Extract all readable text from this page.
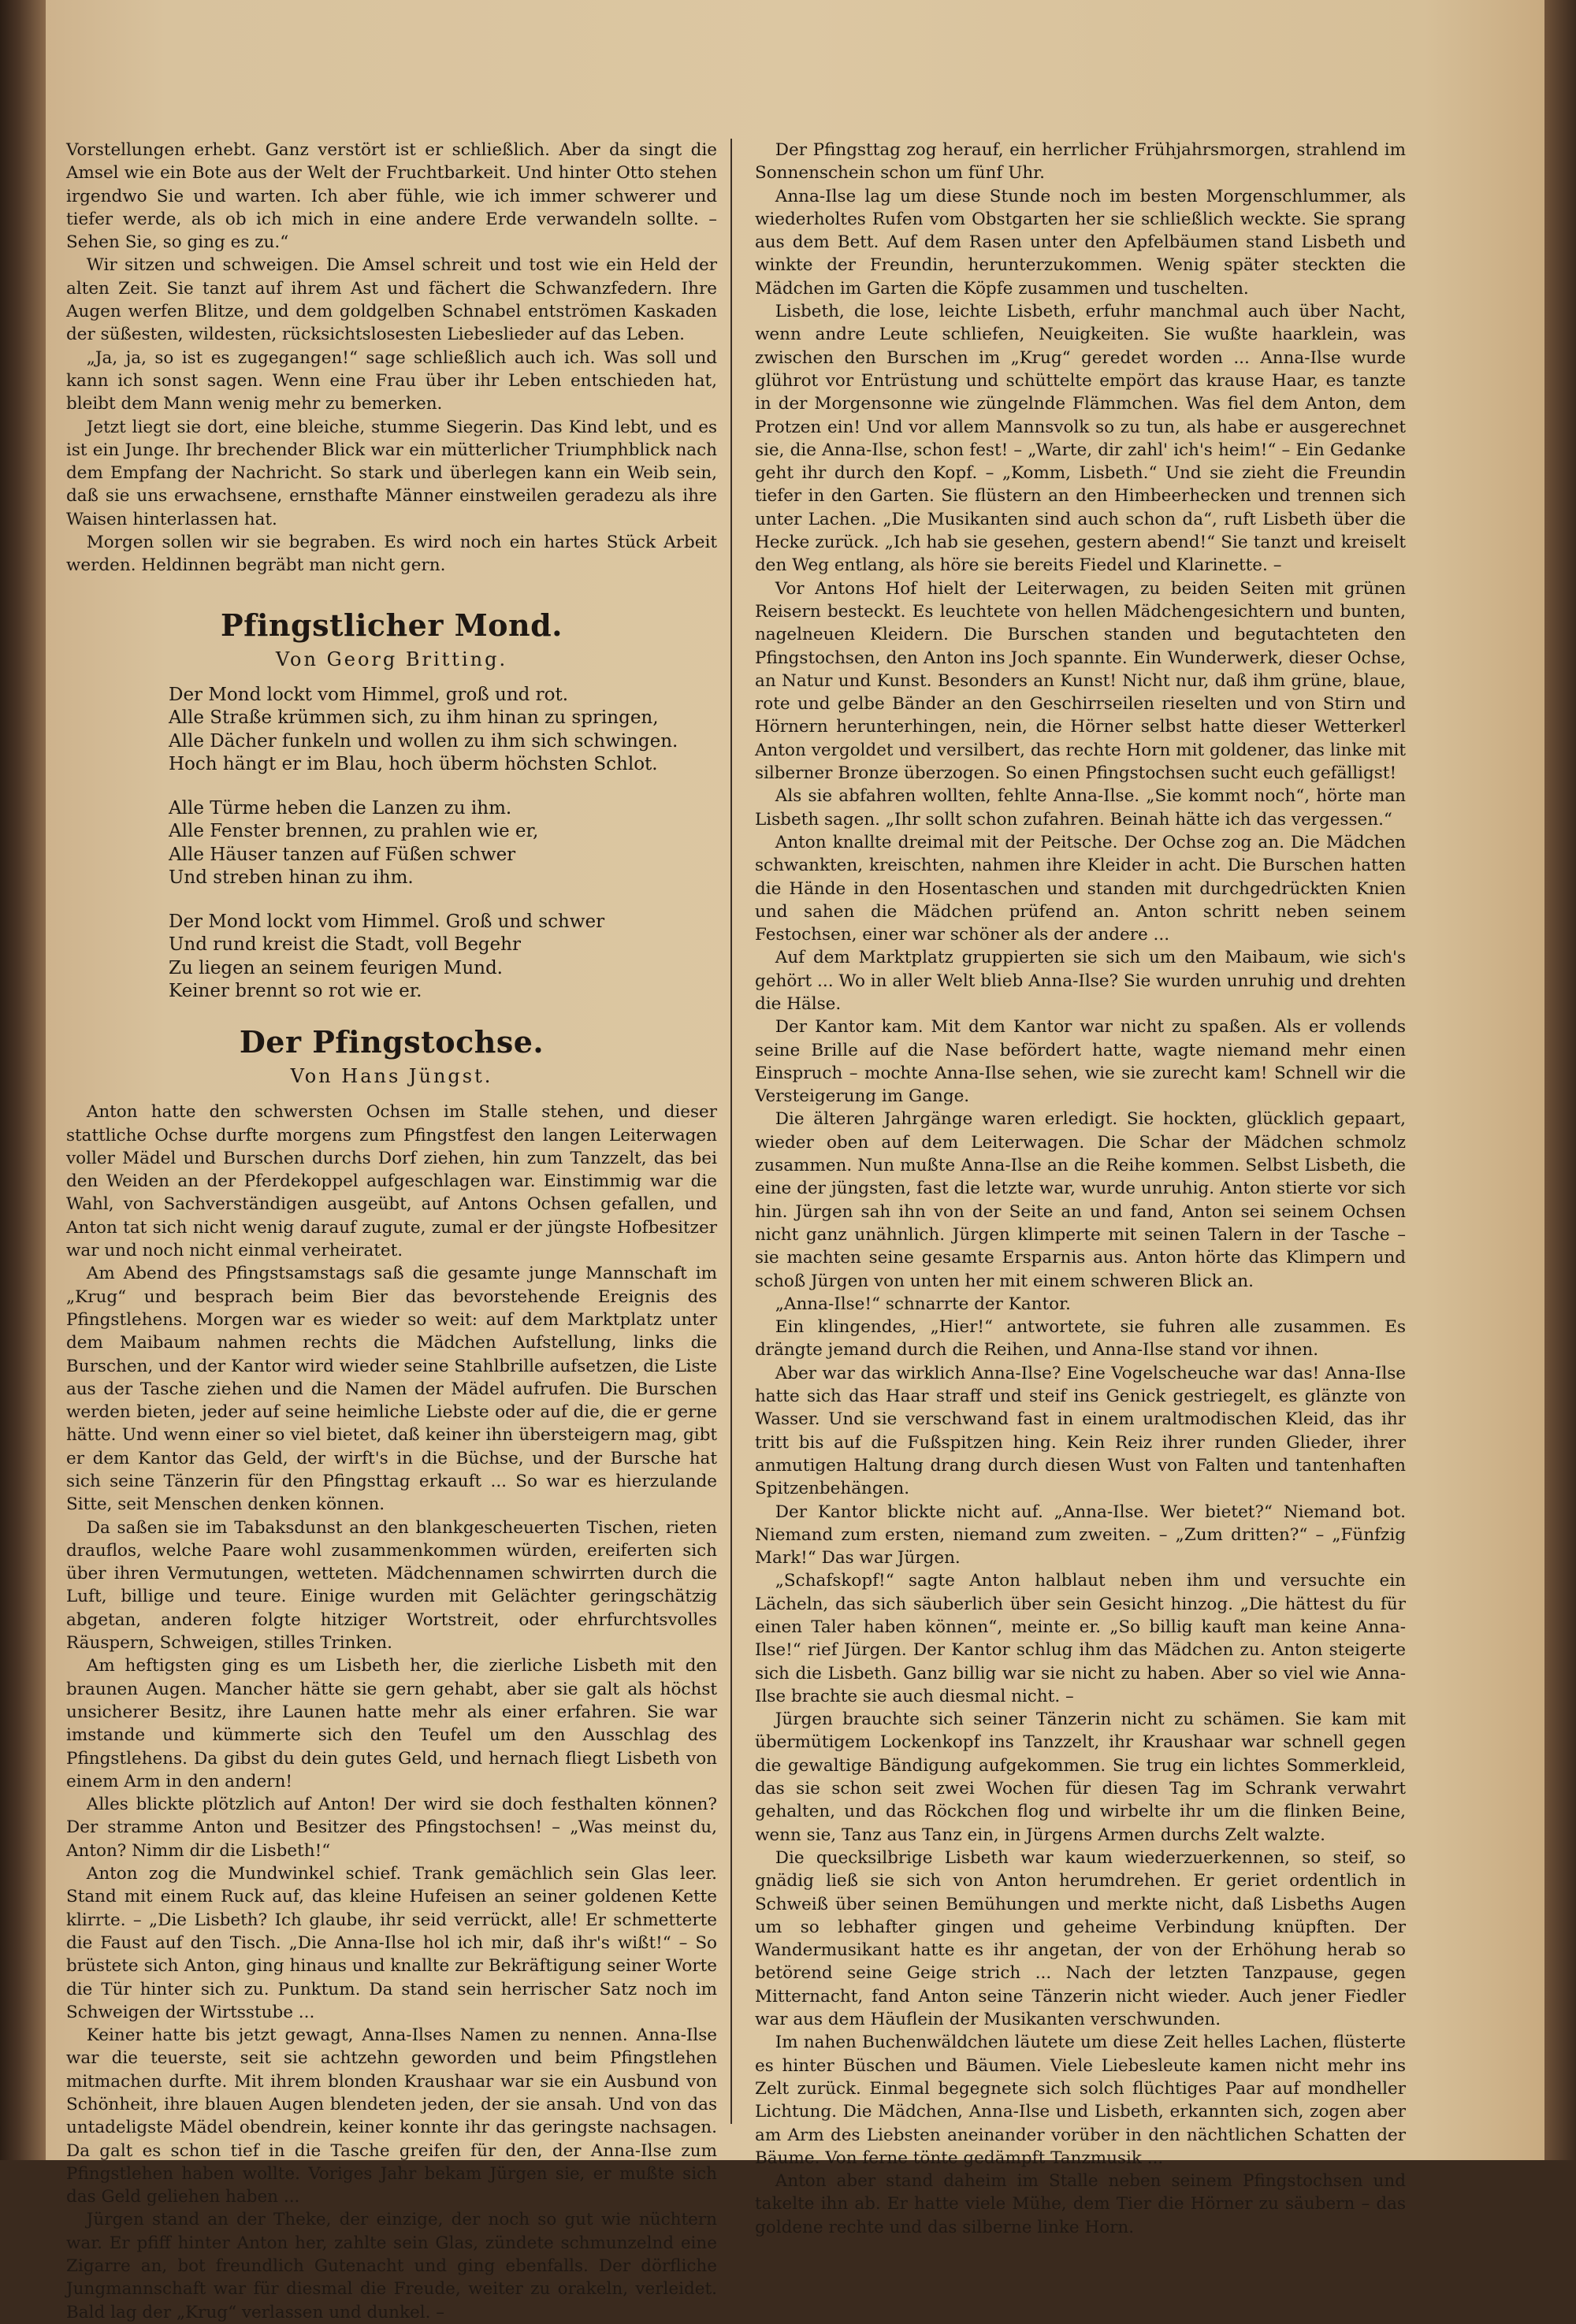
Vorstellungen erhebt. Ganz verstört ist er schließlich. Aber da singt die Amsel wie ein Bote aus der Welt der Fruchtbarkeit. Und hinter Otto stehen irgendwo Sie und warten. Ich aber fühle, wie ich immer schwerer und tiefer werde, als ob ich mich in eine andere Erde verwandeln sollte. – Sehen Sie, so ging es zu.“

Wir sitzen und schweigen. Die Amsel schreit und tost wie ein Held der alten Zeit. Sie tanzt auf ihrem Ast und fächert die Schwanzfedern. Ihre Augen werfen Blitze, und dem goldgelben Schnabel entströmen Kaskaden der süßesten, wildesten, rücksichtslosesten Liebeslieder auf das Leben.

„Ja, ja, so ist es zugegangen!“ sage schließlich auch ich. Was soll und kann ich sonst sagen. Wenn eine Frau über ihr Leben entschieden hat, bleibt dem Mann wenig mehr zu bemerken.

Jetzt liegt sie dort, eine bleiche, stumme Siegerin. Das Kind lebt, und es ist ein Junge. Ihr brechender Blick war ein mütterlicher Triumphblick nach dem Empfang der Nachricht. So stark und überlegen kann ein Weib sein, daß sie uns erwachsene, ernsthafte Männer einstweilen geradezu als ihre Waisen hinterlassen hat.

Morgen sollen wir sie begraben. Es wird noch ein hartes Stück Arbeit werden. Heldinnen begräbt man nicht gern.

Pfingstlicher Mond.
Von Georg Britting.
Der Mond lockt vom Himmel, groß und rot.
Alle Straße krümmen sich, zu ihm hinan zu springen,
Alle Dächer funkeln und wollen zu ihm sich schwingen.
Hoch hängt er im Blau, hoch überm höchsten Schlot.
Alle Türme heben die Lanzen zu ihm.
Alle Fenster brennen, zu prahlen wie er,
Alle Häuser tanzen auf Füßen schwer
Und streben hinan zu ihm.
Der Mond lockt vom Himmel. Groß und schwer
Und rund kreist die Stadt, voll Begehr
Zu liegen an seinem feurigen Mund.
Keiner brennt so rot wie er.
Der Pfingstochse.
Von Hans Jüngst.

Anton hatte den schwersten Ochsen im Stalle stehen, und dieser stattliche Ochse durfte morgens zum Pfingstfest den langen Leiterwagen voller Mädel und Burschen durchs Dorf ziehen, hin zum Tanzzelt, das bei den Weiden an der Pferdekoppel aufgeschlagen war. Einstimmig war die Wahl, von Sachverständigen ausgeübt, auf Antons Ochsen gefallen, und Anton tat sich nicht wenig darauf zugute, zumal er der jüngste Hofbesitzer war und noch nicht einmal verheiratet.

Am Abend des Pfingstsamstags saß die gesamte junge Mannschaft im „Krug“ und besprach beim Bier das bevorstehende Ereignis des Pfingstlehens. Morgen war es wieder so weit: auf dem Marktplatz unter dem Maibaum nahmen rechts die Mädchen Aufstellung, links die Burschen, und der Kantor wird wieder seine Stahlbrille aufsetzen, die Liste aus der Tasche ziehen und die Namen der Mädel aufrufen. Die Burschen werden bieten, jeder auf seine heimliche Liebste oder auf die, die er gerne hätte. Und wenn einer so viel bietet, daß keiner ihn übersteigern mag, gibt er dem Kantor das Geld, der wirft's in die Büchse, und der Bursche hat sich seine Tänzerin für den Pfingsttag erkauft ... So war es hierzulande Sitte, seit Menschen denken können.

Da saßen sie im Tabaksdunst an den blankgescheuerten Tischen, rieten drauflos, welche Paare wohl zusammenkommen würden, ereiferten sich über ihren Vermutungen, wetteten. Mädchennamen schwirrten durch die Luft, billige und teure. Einige wurden mit Gelächter geringschätzig abgetan, anderen folgte hitziger Wortstreit, oder ehrfurchtsvolles Räuspern, Schweigen, stilles Trinken.

Am heftigsten ging es um Lisbeth her, die zierliche Lisbeth mit den braunen Augen. Mancher hätte sie gern gehabt, aber sie galt als höchst unsicherer Besitz, ihre Launen hatte mehr als einer erfahren. Sie war imstande und kümmerte sich den Teufel um den Ausschlag des Pfingstlehens. Da gibst du dein gutes Geld, und hernach fliegt Lisbeth von einem Arm in den andern!

Alles blickte plötzlich auf Anton! Der wird sie doch festhalten können? Der stramme Anton und Besitzer des Pfingstochsen! – „Was meinst du, Anton? Nimm dir die Lisbeth!“

Anton zog die Mundwinkel schief. Trank gemächlich sein Glas leer. Stand mit einem Ruck auf, das kleine Hufeisen an seiner goldenen Kette klirrte. – „Die Lisbeth? Ich glaube, ihr seid verrückt, alle! Er schmetterte die Faust auf den Tisch. „Die Anna-Ilse hol ich mir, daß ihr's wißt!“ – So brüstete sich Anton, ging hinaus und knallte zur Bekräftigung seiner Worte die Tür hinter sich zu. Punktum. Da stand sein herrischer Satz noch im Schweigen der Wirtsstube ...

Keiner hatte bis jetzt gewagt, Anna-Ilses Namen zu nennen. Anna-Ilse war die teuerste, seit sie achtzehn geworden und beim Pfingstlehen mitmachen durfte. Mit ihrem blonden Kraushaar war sie ein Ausbund von Schönheit, ihre blauen Augen blendeten jeden, der sie ansah. Und von das untadeligste Mädel obendrein, keiner konnte ihr das geringste nachsagen. Da galt es schon tief in die Tasche greifen für den, der Anna-Ilse zum Pfingstlehen haben wollte. Voriges Jahr bekam Jürgen sie, er mußte sich das Geld geliehen haben ...

Jürgen stand an der Theke, der einzige, der noch so gut wie nüchtern war. Er pfiff hinter Anton her, zahlte sein Glas, zündete schmunzelnd eine Zigarre an, bot freundlich Gutenacht und ging ebenfalls. Der dörfliche Jungmannschaft war für diesmal die Freude, weiter zu orakeln, verleidet. Bald lag der „Krug“ verlassen und dunkel. –

Der Pfingsttag zog herauf, ein herrlicher Frühjahrsmorgen, strahlend im Sonnenschein schon um fünf Uhr.

Anna-Ilse lag um diese Stunde noch im besten Morgenschlummer, als wiederholtes Rufen vom Obstgarten her sie schließlich weckte. Sie sprang aus dem Bett. Auf dem Rasen unter den Apfelbäumen stand Lisbeth und winkte der Freundin, herunterzukommen. Wenig später steckten die Mädchen im Garten die Köpfe zusammen und tuschelten.

Lisbeth, die lose, leichte Lisbeth, erfuhr manchmal auch über Nacht, wenn andre Leute schliefen, Neuigkeiten. Sie wußte haarklein, was zwischen den Burschen im „Krug“ geredet worden ... Anna-Ilse wurde glührot vor Entrüstung und schüttelte empört das krause Haar, es tanzte in der Morgensonne wie züngelnde Flämmchen. Was fiel dem Anton, dem Protzen ein! Und vor allem Mannsvolk so zu tun, als habe er ausgerechnet sie, die Anna-Ilse, schon fest! – „Warte, dir zahl' ich's heim!“ – Ein Gedanke geht ihr durch den Kopf. – „Komm, Lisbeth.“ Und sie zieht die Freundin tiefer in den Garten. Sie flüstern an den Himbeerhecken und trennen sich unter Lachen. „Die Musikanten sind auch schon da“, ruft Lisbeth über die Hecke zurück. „Ich hab sie gesehen, gestern abend!“ Sie tanzt und kreiselt den Weg entlang, als höre sie bereits Fiedel und Klarinette. –

Vor Antons Hof hielt der Leiterwagen, zu beiden Seiten mit grünen Reisern besteckt. Es leuchtete von hellen Mädchengesichtern und bunten, nagelneuen Kleidern. Die Burschen standen und begutachteten den Pfingstochsen, den Anton ins Joch spannte. Ein Wunderwerk, dieser Ochse, an Natur und Kunst. Besonders an Kunst! Nicht nur, daß ihm grüne, blaue, rote und gelbe Bänder an den Geschirrseilen rieselten und von Stirn und Hörnern herunterhingen, nein, die Hörner selbst hatte dieser Wetterkerl Anton vergoldet und versilbert, das rechte Horn mit goldener, das linke mit silberner Bronze überzogen. So einen Pfingstochsen sucht euch gefälligst!

Als sie abfahren wollten, fehlte Anna-Ilse. „Sie kommt noch“, hörte man Lisbeth sagen. „Ihr sollt schon zufahren. Beinah hätte ich das vergessen.“

Anton knallte dreimal mit der Peitsche. Der Ochse zog an. Die Mädchen schwankten, kreischten, nahmen ihre Kleider in acht. Die Burschen hatten die Hände in den Hosentaschen und standen mit durchgedrückten Knien und sahen die Mädchen prüfend an. Anton schritt neben seinem Festochsen, einer war schöner als der andere ...

Auf dem Marktplatz gruppierten sie sich um den Maibaum, wie sich's gehört ... Wo in aller Welt blieb Anna-Ilse? Sie wurden unruhig und drehten die Hälse.

Der Kantor kam. Mit dem Kantor war nicht zu spaßen. Als er vollends seine Brille auf die Nase befördert hatte, wagte niemand mehr einen Einspruch – mochte Anna-Ilse sehen, wie sie zurecht kam! Schnell wir die Versteigerung im Gange.

Die älteren Jahrgänge waren erledigt. Sie hockten, glücklich gepaart, wieder oben auf dem Leiterwagen. Die Schar der Mädchen schmolz zusammen. Nun mußte Anna-Ilse an die Reihe kommen. Selbst Lisbeth, die eine der jüngsten, fast die letzte war, wurde unruhig. Anton stierte vor sich hin. Jürgen sah ihn von der Seite an und fand, Anton sei seinem Ochsen nicht ganz unähnlich. Jürgen klimperte mit seinen Talern in der Tasche – sie machten seine gesamte Ersparnis aus. Anton hörte das Klimpern und schoß Jürgen von unten her mit einem schweren Blick an.

„Anna-Ilse!“ schnarrte der Kantor.

Ein klingendes, „Hier!“ antwortete, sie fuhren alle zusammen. Es drängte jemand durch die Reihen, und Anna-Ilse stand vor ihnen.

Aber war das wirklich Anna-Ilse? Eine Vogelscheuche war das! Anna-Ilse hatte sich das Haar straff und steif ins Genick gestriegelt, es glänzte von Wasser. Und sie verschwand fast in einem uraltmodischen Kleid, das ihr tritt bis auf die Fußspitzen hing. Kein Reiz ihrer runden Glieder, ihrer anmutigen Haltung drang durch diesen Wust von Falten und tantenhaften Spitzenbehängen.

Der Kantor blickte nicht auf. „Anna-Ilse. Wer bietet?“ Niemand bot. Niemand zum ersten, niemand zum zweiten. – „Zum dritten?“ – „Fünfzig Mark!“ Das war Jürgen.

„Schafskopf!“ sagte Anton halblaut neben ihm und versuchte ein Lächeln, das sich säuberlich über sein Gesicht hinzog. „Die hättest du für einen Taler haben können“, meinte er. „So billig kauft man keine Anna-Ilse!“ rief Jürgen. Der Kantor schlug ihm das Mädchen zu. Anton steigerte sich die Lisbeth. Ganz billig war sie nicht zu haben. Aber so viel wie Anna-Ilse brachte sie auch diesmal nicht. –

Jürgen brauchte sich seiner Tänzerin nicht zu schämen. Sie kam mit übermütigem Lockenkopf ins Tanzzelt, ihr Kraushaar war schnell gegen die gewaltige Bändigung aufgekommen. Sie trug ein lichtes Sommerkleid, das sie schon seit zwei Wochen für diesen Tag im Schrank verwahrt gehalten, und das Röckchen flog und wirbelte ihr um die flinken Beine, wenn sie, Tanz aus Tanz ein, in Jürgens Armen durchs Zelt walzte.

Die quecksilbrige Lisbeth war kaum wiederzuerkennen, so steif, so gnädig ließ sie sich von Anton herumdrehen. Er geriet ordentlich in Schweiß über seinen Bemühungen und merkte nicht, daß Lisbeths Augen um so lebhafter gingen und geheime Verbindung knüpften. Der Wandermusikant hatte es ihr angetan, der von der Erhöhung herab so betörend seine Geige strich ... Nach der letzten Tanzpause, gegen Mitternacht, fand Anton seine Tänzerin nicht wieder. Auch jener Fiedler war aus dem Häuflein der Musikanten verschwunden.

Im nahen Buchenwäldchen läutete um diese Zeit helles Lachen, flüsterte es hinter Büschen und Bäumen. Viele Liebesleute kamen nicht mehr ins Zelt zurück. Einmal begegnete sich solch flüchtiges Paar auf mondheller Lichtung. Die Mädchen, Anna-Ilse und Lisbeth, erkannten sich, zogen aber am Arm des Liebsten aneinander vorüber in den nächtlichen Schatten der Bäume. Von ferne tönte gedämpft Tanzmusik ...

Anton aber stand daheim im Stalle neben seinem Pfingstochsen und takelte ihn ab. Er hatte viele Mühe, dem Tier die Hörner zu säubern – das goldene rechte und das silberne linke Horn.
